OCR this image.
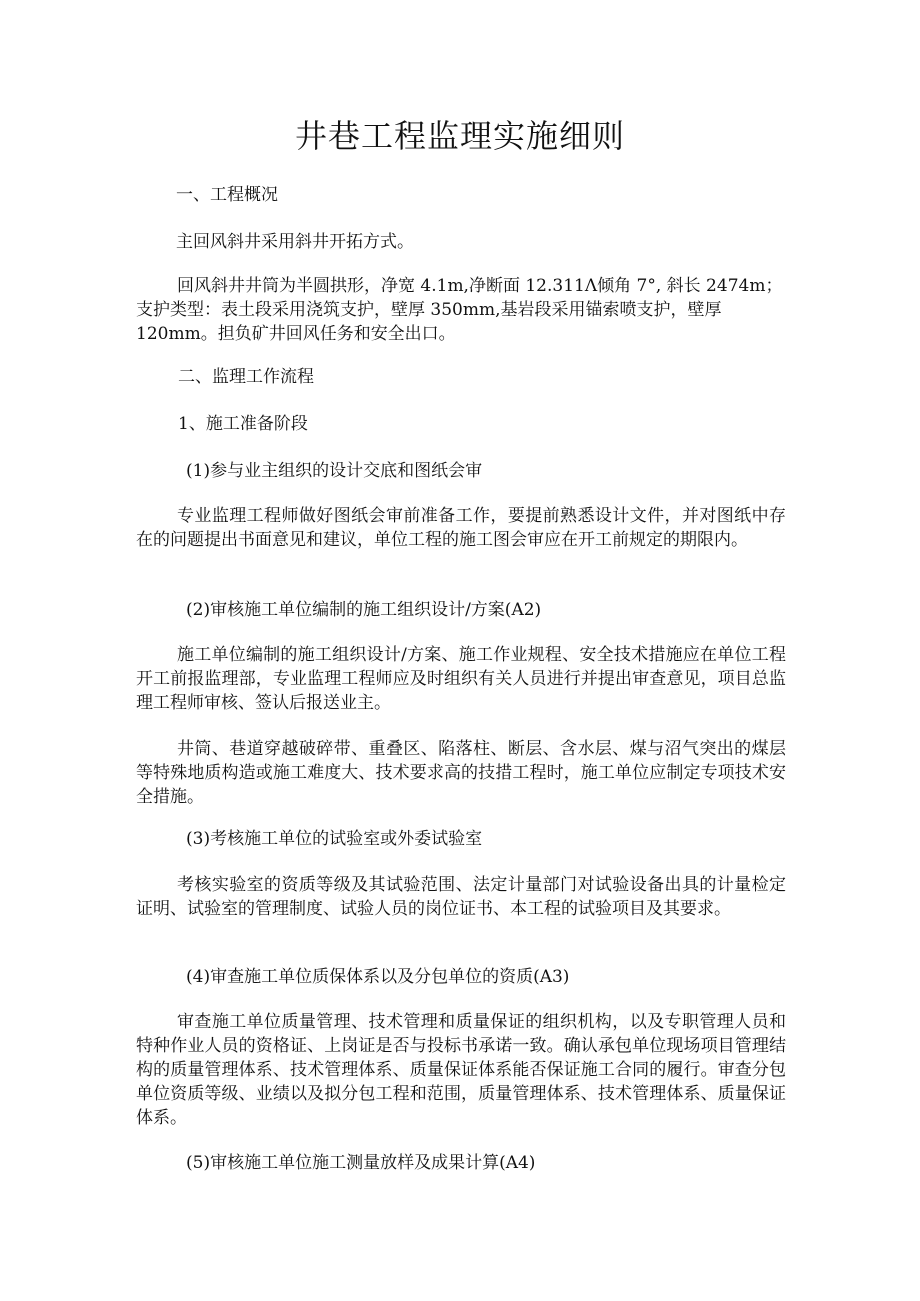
井巷工程监理实施细则

一、工程概况

主回风斜井采用斜井开拓方式。

回风斜井井筒为半圆拱形，净宽 4.1m,净断面 12.311Λ倾角 7°, 斜长 2474m；
支护类型：表土段采用浇筑支护，壁厚 350mm,基岩段采用锚索喷支护，壁厚
120mm。担负矿井回风任务和安全出口。

二、监理工作流程

1、施工准备阶段

(1)参与业主组织的设计交底和图纸会审

专业监理工程师做好图纸会审前准备工作，要提前熟悉设计文件，并对图纸中存在的问题提出书面意见和建议，单位工程的施工图会审应在开工前规定的期限内。

(2)审核施工单位编制的施工组织设计/方案(A2)

施工单位编制的施工组织设计/方案、施工作业规程、安全技术措施应在单位工程开工前报监理部，专业监理工程师应及时组织有关人员进行并提出审查意见，项目总监理工程师审核、签认后报送业主。

井筒、巷道穿越破碎带、重叠区、陷落柱、断层、含水层、煤与沼气突出的煤层等特殊地质构造或施工难度大、技术要求高的技措工程时，施工单位应制定专项技术安全措施。

(3)考核施工单位的试验室或外委试验室

考核实验室的资质等级及其试验范围、法定计量部门对试验设备出具的计量检定证明、试验室的管理制度、试验人员的岗位证书、本工程的试验项目及其要求。

(4)审查施工单位质保体系以及分包单位的资质(A3)

审查施工单位质量管理、技术管理和质量保证的组织机构，以及专职管理人员和特种作业人员的资格证、上岗证是否与投标书承诺一致。确认承包单位现场项目管理结构的质量管理体系、技术管理体系、质量保证体系能否保证施工合同的履行。审查分包单位资质等级、业绩以及拟分包工程和范围，质量管理体系、技术管理体系、质量保证体系。

(5)审核施工单位施工测量放样及成果计算(A4)
